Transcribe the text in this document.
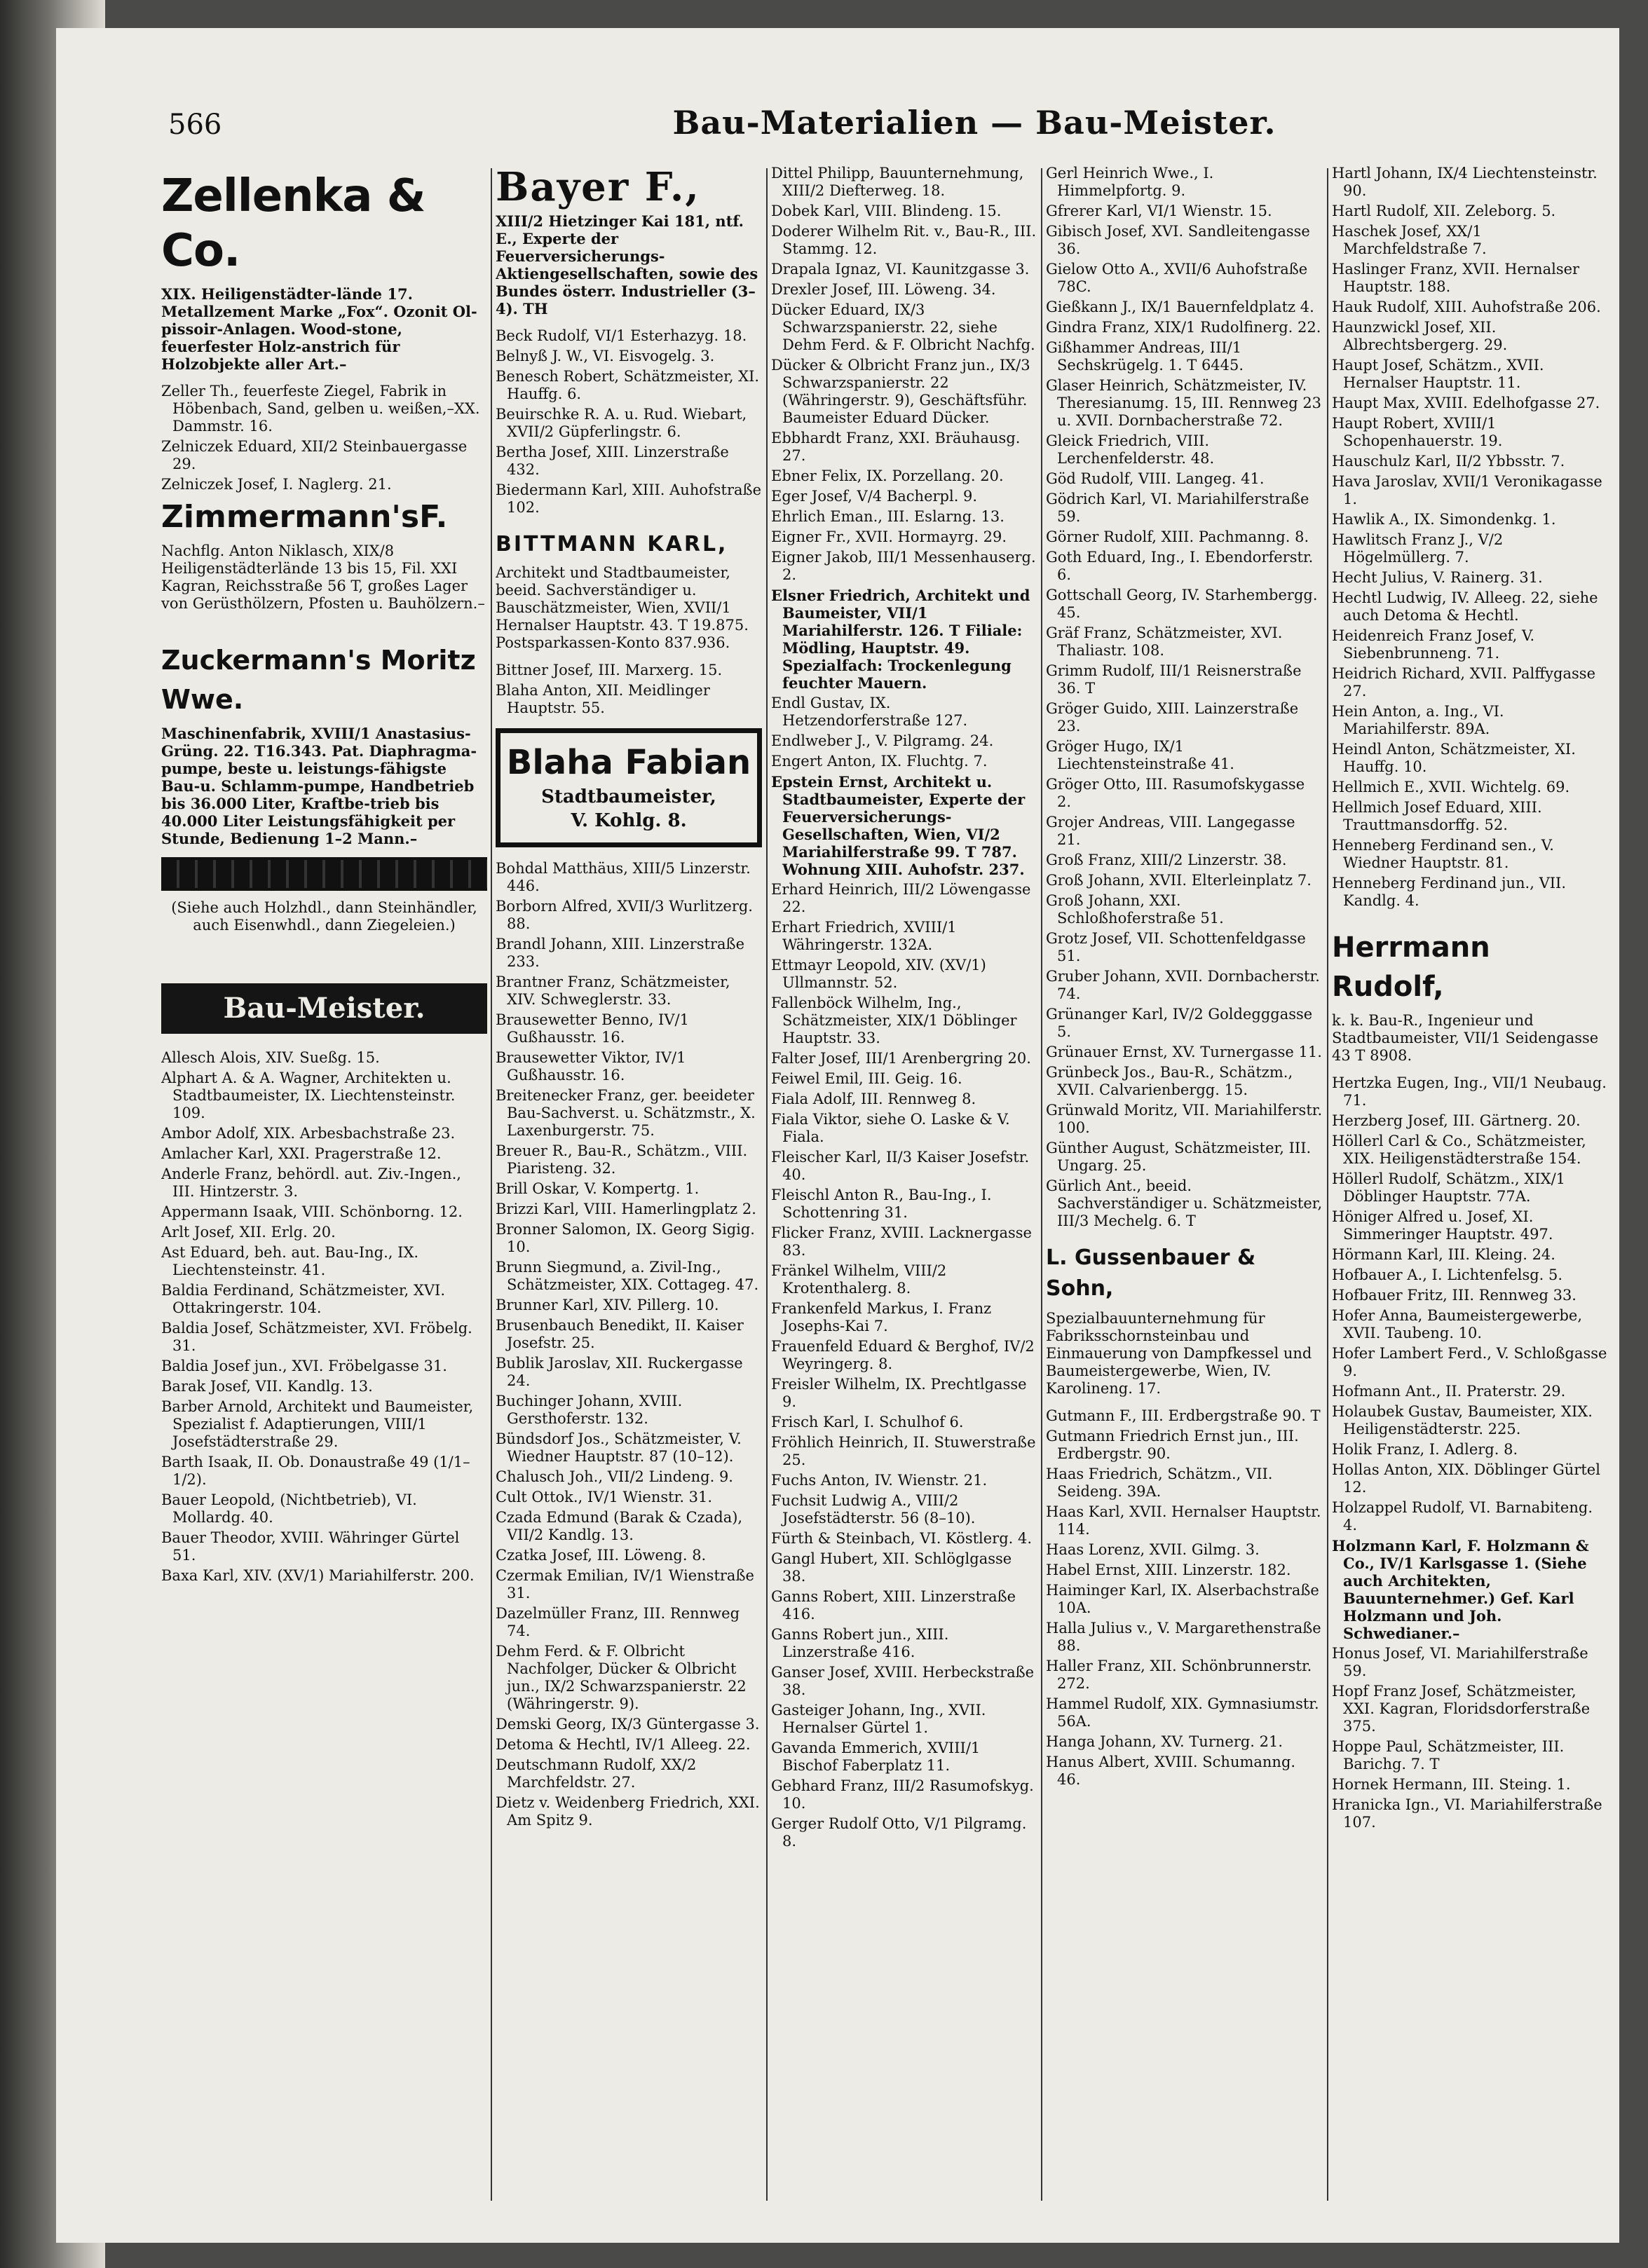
566	Bau-Materialien — Bau-Meister.
Zellenka & Co.
XIX. Heiligenstädter-lände 17. Metallzement Marke „Fox“. Ozonit Ol-pissoir-Anlagen. Wood-stone, feuerfester Holz-anstrich für Holzobjekte aller Art.–
Zeller Th., feuerfeste Ziegel, Fabrik in Höbenbach, Sand, gelben u. weißen,–XX. Dammstr. 16.
Zelniczek Eduard, XII/2 Steinbauergasse 29.
Zelniczek Josef, I. Naglerg. 21.
Zimmermann'sF.
Nachflg. Anton Niklasch, XIX/8 Heiligenstädterlände 13 bis 15, Fil. XXI Kagran, Reichsstraße 56 T, großes Lager von Gerüsthölzern, Pfosten u. Bauhölzern.–
Zuckermann's Moritz Wwe.
Maschinenfabrik, XVIII/1 Anastasius-Grüng. 22. T16.343. Pat. Diaphragma-pumpe, beste u. leistungs-fähigste Bau-u. Schlamm-pumpe, Handbetrieb bis 36.000 Liter, Kraftbe-trieb bis 40.000 Liter Leistungsfähigkeit per Stunde, Bedienung 1–2 Mann.–
(Siehe auch Holzhdl., dann Steinhändler, auch Eisenwhdl., dann Ziegeleien.)
Bau-Meister.
Allesch Alois, XIV. Sueßg. 15.
Alphart A. & A. Wagner, Architekten u. Stadtbaumeister, IX. Liechtensteinstr. 109.
Ambor Adolf, XIX. Arbesbachstraße 23.
Amlacher Karl, XXI. Pragerstraße 12.
Anderle Franz, behördl. aut. Ziv.-Ingen., III. Hintzerstr. 3.
Appermann Isaak, VIII. Schönborng. 12.
Arlt Josef, XII. Erlg. 20.
Ast Eduard, beh. aut. Bau-Ing., IX. Liechtensteinstr. 41.
Baldia Ferdinand, Schätzmeister, XVI. Ottakringerstr. 104.
Baldia Josef, Schätzmeister, XVI. Fröbelg. 31.
Baldia Josef jun., XVI. Fröbelgasse 31.
Barak Josef, VII. Kandlg. 13.
Barber Arnold, Architekt und Baumeister, Spezialist f. Adaptierungen, VIII/1 Josefstädterstraße 29.
Barth Isaak, II. Ob. Donaustraße 49 (1/1–1/2).
Bauer Leopold, (Nichtbetrieb), VI. Mollardg. 40.
Bauer Theodor, XVIII. Währinger Gürtel 51.
Baxa Karl, XIV. (XV/1) Mariahilferstr. 200.
Bayer F.,
XIII/2 Hietzinger Kai 181, ntf. E., Experte der Feuerversicherungs-Aktiengesellschaften, sowie des Bundes österr. Industrieller (3–4). TH
Beck Rudolf, VI/1 Esterhazyg. 18.
Belnyß J. W., VI. Eisvogelg. 3.
Benesch Robert, Schätzmeister, XI. Hauffg. 6.
Beuirschke R. A. u. Rud. Wiebart, XVII/2 Güpferlingstr. 6.
Bertha Josef, XIII. Linzerstraße 432.
Biedermann Karl, XIII. Auhofstraße 102.
BITTMANN KARL,
Architekt und Stadtbaumeister, beeid. Sachverständiger u. Bauschätzmeister, Wien, XVII/1 Hernalser Hauptstr. 43. T 19.875. Postsparkassen-Konto 837.936.
Bittner Josef, III. Marxerg. 15.
Blaha Anton, XII. Meidlinger Hauptstr. 55.
Blaha Fabian
Stadtbaumeister,
V. Kohlg. 8.
Bohdal Matthäus, XIII/5 Linzerstr. 446.
Borborn Alfred, XVII/3 Wurlitzerg. 88.
Brandl Johann, XIII. Linzerstraße 233.
Brantner Franz, Schätzmeister, XIV. Schweglerstr. 33.
Brausewetter Benno, IV/1 Gußhausstr. 16.
Brausewetter Viktor, IV/1 Gußhausstr. 16.
Breitenecker Franz, ger. beeideter Bau-Sachverst. u. Schätzmstr., X. Laxenburgerstr. 75.
Breuer R., Bau-R., Schätzm., VIII. Piaristeng. 32.
Brill Oskar, V. Kompertg. 1.
Brizzi Karl, VIII. Hamerlingplatz 2.
Bronner Salomon, IX. Georg Sigig. 10.
Brunn Siegmund, a. Zivil-Ing., Schätzmeister, XIX. Cottageg. 47.
Brunner Karl, XIV. Pillerg. 10.
Brusenbauch Benedikt, II. Kaiser Josefstr. 25.
Bublik Jaroslav, XII. Ruckergasse 24.
Buchinger Johann, XVIII. Gersthoferstr. 132.
Bündsdorf Jos., Schätzmeister, V. Wiedner Hauptstr. 87 (10–12).
Chalusch Joh., VII/2 Lindeng. 9.
Cult Ottok., IV/1 Wienstr. 31.
Czada Edmund (Barak & Czada), VII/2 Kandlg. 13.
Czatka Josef, III. Löweng. 8.
Czermak Emilian, IV/1 Wienstraße 31.
Dazelmüller Franz, III. Rennweg 74.
Dehm Ferd. & F. Olbricht Nachfolger, Dücker & Olbricht jun., IX/2 Schwarzspanierstr. 22 (Währingerstr. 9).
Demski Georg, IX/3 Güntergasse 3.
Detoma & Hechtl, IV/1 Alleeg. 22.
Deutschmann Rudolf, XX/2 Marchfeldstr. 27.
Dietz v. Weidenberg Friedrich, XXI. Am Spitz 9.
Dittel Philipp, Bauunternehmung, XIII/2 Diefterweg. 18.
Dobek Karl, VIII. Blindeng. 15.
Doderer Wilhelm Rit. v., Bau-R., III. Stammg. 12.
Drapala Ignaz, VI. Kaunitzgasse 3.
Drexler Josef, III. Löweng. 34.
Dücker Eduard, IX/3 Schwarzspanierstr. 22, siehe Dehm Ferd. & F. Olbricht Nachfg.
Dücker & Olbricht Franz jun., IX/3 Schwarzspanierstr. 22 (Währingerstr. 9), Geschäftsführ. Baumeister Eduard Dücker.
Ebbhardt Franz, XXI. Bräuhausg. 27.
Ebner Felix, IX. Porzellang. 20.
Eger Josef, V/4 Bacherpl. 9.
Ehrlich Eman., III. Eslarng. 13.
Eigner Fr., XVII. Hormayrg. 29.
Eigner Jakob, III/1 Messenhauserg. 2.
Elsner Friedrich, Architekt und Baumeister, VII/1 Mariahilferstr. 126. T Filiale: Mödling, Hauptstr. 49. Spezialfach: Trockenlegung feuchter Mauern.
Endl Gustav, IX. Hetzendorferstraße 127.
Endlweber J., V. Pilgramg. 24.
Engert Anton, IX. Fluchtg. 7.
Epstein Ernst, Architekt u. Stadtbaumeister, Experte der Feuerversicherungs-Gesellschaften, Wien, VI/2 Mariahilferstraße 99. T 787. Wohnung XIII. Auhofstr. 237.
Erhard Heinrich, III/2 Löwengasse 22.
Erhart Friedrich, XVIII/1 Währingerstr. 132A.
Ettmayr Leopold, XIV. (XV/1) Ullmannstr. 52.
Fallenböck Wilhelm, Ing., Schätzmeister, XIX/1 Döblinger Hauptstr. 33.
Falter Josef, III/1 Arenbergring 20.
Feiwel Emil, III. Geig. 16.
Fiala Adolf, III. Rennweg 8.
Fiala Viktor, siehe O. Laske & V. Fiala.
Fleischer Karl, II/3 Kaiser Josefstr. 40.
Fleischl Anton R., Bau-Ing., I. Schottenring 31.
Flicker Franz, XVIII. Lacknergasse 83.
Fränkel Wilhelm, VIII/2 Krotenthalerg. 8.
Frankenfeld Markus, I. Franz Josephs-Kai 7.
Frauenfeld Eduard & Berghof, IV/2 Weyringerg. 8.
Freisler Wilhelm, IX. Prechtlgasse 9.
Frisch Karl, I. Schulhof 6.
Fröhlich Heinrich, II. Stuwerstraße 25.
Fuchs Anton, IV. Wienstr. 21.
Fuchsit Ludwig A., VIII/2 Josefstädterstr. 56 (8–10).
Fürth & Steinbach, VI. Köstlerg. 4.
Gangl Hubert, XII. Schlöglgasse 38.
Ganns Robert, XIII. Linzerstraße 416.
Ganns Robert jun., XIII. Linzerstraße 416.
Ganser Josef, XVIII. Herbeckstraße 38.
Gasteiger Johann, Ing., XVII. Hernalser Gürtel 1.
Gavanda Emmerich, XVIII/1 Bischof Faberplatz 11.
Gebhard Franz, III/2 Rasumofskyg. 10.
Gerger Rudolf Otto, V/1 Pilgramg. 8.
Gerl Heinrich Wwe., I. Himmelpfortg. 9.
Gfrerer Karl, VI/1 Wienstr. 15.
Gibisch Josef, XVI. Sandleitengasse 36.
Gielow Otto A., XVII/6 Auhofstraße 78C.
Gießkann J., IX/1 Bauernfeldplatz 4.
Gindra Franz, XIX/1 Rudolfinerg. 22.
Gißhammer Andreas, III/1 Sechskrügelg. 1. T 6445.
Glaser Heinrich, Schätzmeister, IV. Theresianumg. 15, III. Rennweg 23 u. XVII. Dornbacherstraße 72.
Gleick Friedrich, VIII. Lerchenfelderstr. 48.
Göd Rudolf, VIII. Langeg. 41.
Gödrich Karl, VI. Mariahilferstraße 59.
Görner Rudolf, XIII. Pachmanng. 8.
Goth Eduard, Ing., I. Ebendorferstr. 6.
Gottschall Georg, IV. Starhembergg. 45.
Gräf Franz, Schätzmeister, XVI. Thaliastr. 108.
Grimm Rudolf, III/1 Reisnerstraße 36. T
Gröger Guido, XIII. Lainzerstraße 23.
Gröger Hugo, IX/1 Liechtensteinstraße 41.
Gröger Otto, III. Rasumofskygasse 2.
Grojer Andreas, VIII. Langegasse 21.
Groß Franz, XIII/2 Linzerstr. 38.
Groß Johann, XVII. Elterleinplatz 7.
Groß Johann, XXI. Schloßhoferstraße 51.
Grotz Josef, VII. Schottenfeldgasse 51.
Gruber Johann, XVII. Dornbacherstr. 74.
Grünanger Karl, IV/2 Goldegggasse 5.
Grünauer Ernst, XV. Turnergasse 11.
Grünbeck Jos., Bau-R., Schätzm., XVII. Calvarienbergg. 15.
Grünwald Moritz, VII. Mariahilferstr. 100.
Günther August, Schätzmeister, III. Ungarg. 25.
Gürlich Ant., beeid. Sachverständiger u. Schätzmeister, III/3 Mechelg. 6. T
L. Gussenbauer & Sohn,
Spezialbauunternehmung für Fabriksschornsteinbau und Einmauerung von Dampfkessel und Baumeistergewerbe, Wien, IV. Karolineng. 17.
Gutmann F., III. Erdbergstraße 90. T
Gutmann Friedrich Ernst jun., III. Erdbergstr. 90.
Haas Friedrich, Schätzm., VII. Seideng. 39A.
Haas Karl, XVII. Hernalser Hauptstr. 114.
Haas Lorenz, XVII. Gilmg. 3.
Habel Ernst, XIII. Linzerstr. 182.
Haiminger Karl, IX. Alserbachstraße 10A.
Halla Julius v., V. Margarethenstraße 88.
Haller Franz, XII. Schönbrunnerstr. 272.
Hammel Rudolf, XIX. Gymnasiumstr. 56A.
Hanga Johann, XV. Turnerg. 21.
Hanus Albert, XVIII. Schumanng. 46.
Hartl Johann, IX/4 Liechtensteinstr. 90.
Hartl Rudolf, XII. Zeleborg. 5.
Haschek Josef, XX/1 Marchfeldstraße 7.
Haslinger Franz, XVII. Hernalser Hauptstr. 188.
Hauk Rudolf, XIII. Auhofstraße 206.
Haunzwickl Josef, XII. Albrechtsbergerg. 29.
Haupt Josef, Schätzm., XVII. Hernalser Hauptstr. 11.
Haupt Max, XVIII. Edelhofgasse 27.
Haupt Robert, XVIII/1 Schopenhauerstr. 19.
Hauschulz Karl, II/2 Ybbsstr. 7.
Hava Jaroslav, XVII/1 Veronikagasse 1.
Hawlik A., IX. Simondenkg. 1.
Hawlitsch Franz J., V/2 Högelmüllerg. 7.
Hecht Julius, V. Rainerg. 31.
Hechtl Ludwig, IV. Alleeg. 22, siehe auch Detoma & Hechtl.
Heidenreich Franz Josef, V. Siebenbrunneng. 71.
Heidrich Richard, XVII. Palffygasse 27.
Hein Anton, a. Ing., VI. Mariahilferstr. 89A.
Heindl Anton, Schätzmeister, XI. Hauffg. 10.
Hellmich E., XVII. Wichtelg. 69.
Hellmich Josef Eduard, XIII. Trauttmansdorffg. 52.
Henneberg Ferdinand sen., V. Wiedner Hauptstr. 81.
Henneberg Ferdinand jun., VII. Kandlg. 4.
Herrmann Rudolf,
k. k. Bau-R., Ingenieur und Stadtbaumeister, VII/1 Seidengasse 43 T 8908.
Hertzka Eugen, Ing., VII/1 Neubaug. 71.
Herzberg Josef, III. Gärtnerg. 20.
Höllerl Carl & Co., Schätzmeister, XIX. Heiligenstädterstraße 154.
Höllerl Rudolf, Schätzm., XIX/1 Döblinger Hauptstr. 77A.
Höniger Alfred u. Josef, XI. Simmeringer Hauptstr. 497.
Hörmann Karl, III. Kleing. 24.
Hofbauer A., I. Lichtenfelsg. 5.
Hofbauer Fritz, III. Rennweg 33.
Hofer Anna, Baumeistergewerbe, XVII. Taubeng. 10.
Hofer Lambert Ferd., V. Schloßgasse 9.
Hofmann Ant., II. Praterstr. 29.
Holaubek Gustav, Baumeister, XIX. Heiligenstädterstr. 225.
Holik Franz, I. Adlerg. 8.
Hollas Anton, XIX. Döblinger Gürtel 12.
Holzappel Rudolf, VI. Barnabiteng. 4.
Holzmann Karl, F. Holzmann & Co., IV/1 Karlsgasse 1. (Siehe auch Architekten, Bauunternehmer.) Gef. Karl Holzmann und Joh. Schwedianer.–
Honus Josef, VI. Mariahilferstraße 59.
Hopf Franz Josef, Schätzmeister, XXI. Kagran, Floridsdorferstraße 375.
Hoppe Paul, Schätzmeister, III. Barichg. 7. T
Hornek Hermann, III. Steing. 1.
Hranicka Ign., VI. Mariahilferstraße 107.
